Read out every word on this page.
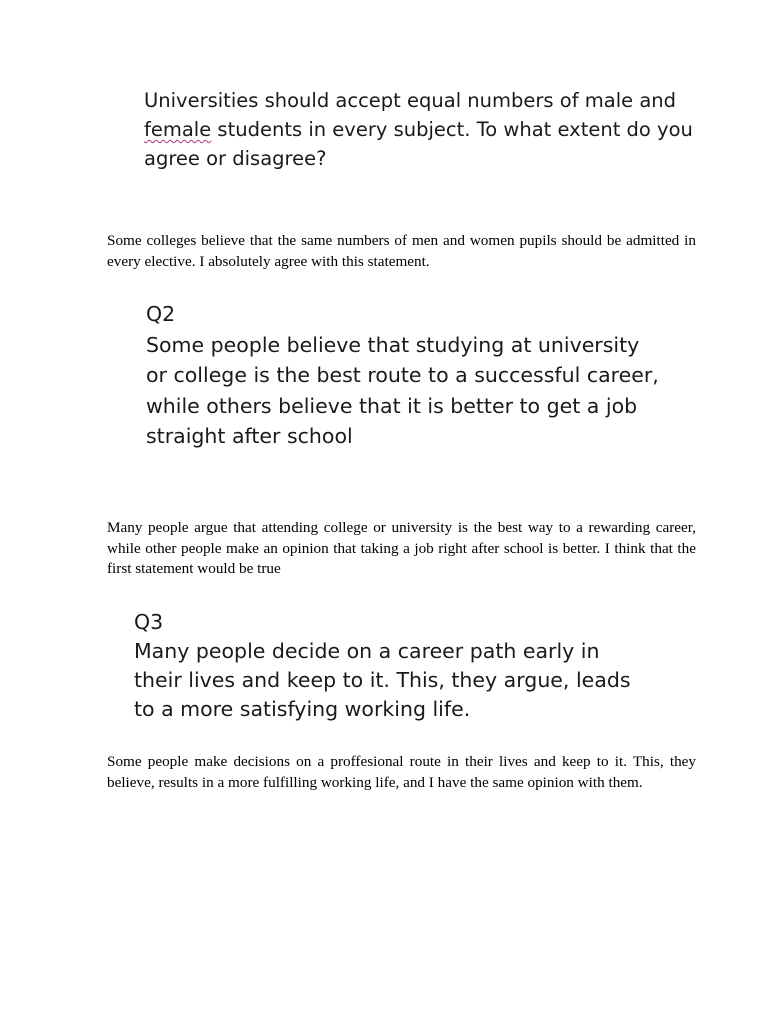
Universities should accept equal numbers of male and
female students in every subject. To what extent do you
agree or disagree?

Some colleges believe that the same numbers of men and women pupils should be admitted in every elective. I absolutely agree with this statement.

Q2
Some people believe that studying at university
or college is the best route to a successful career,
while others believe that it is better to get a job
straight after school

Many people argue that attending college or university is the best way to a rewarding career, while other people make an opinion that taking a job right after school is better. I think that the first statement would be true

Q3
Many people decide on a career path early in
their lives and keep to it. This, they argue, leads
to a more satisfying working life.

Some people make decisions on a proffesional route in their lives and keep to it. This, they believe, results in a more fulfilling working life, and I have the same opinion with them.
